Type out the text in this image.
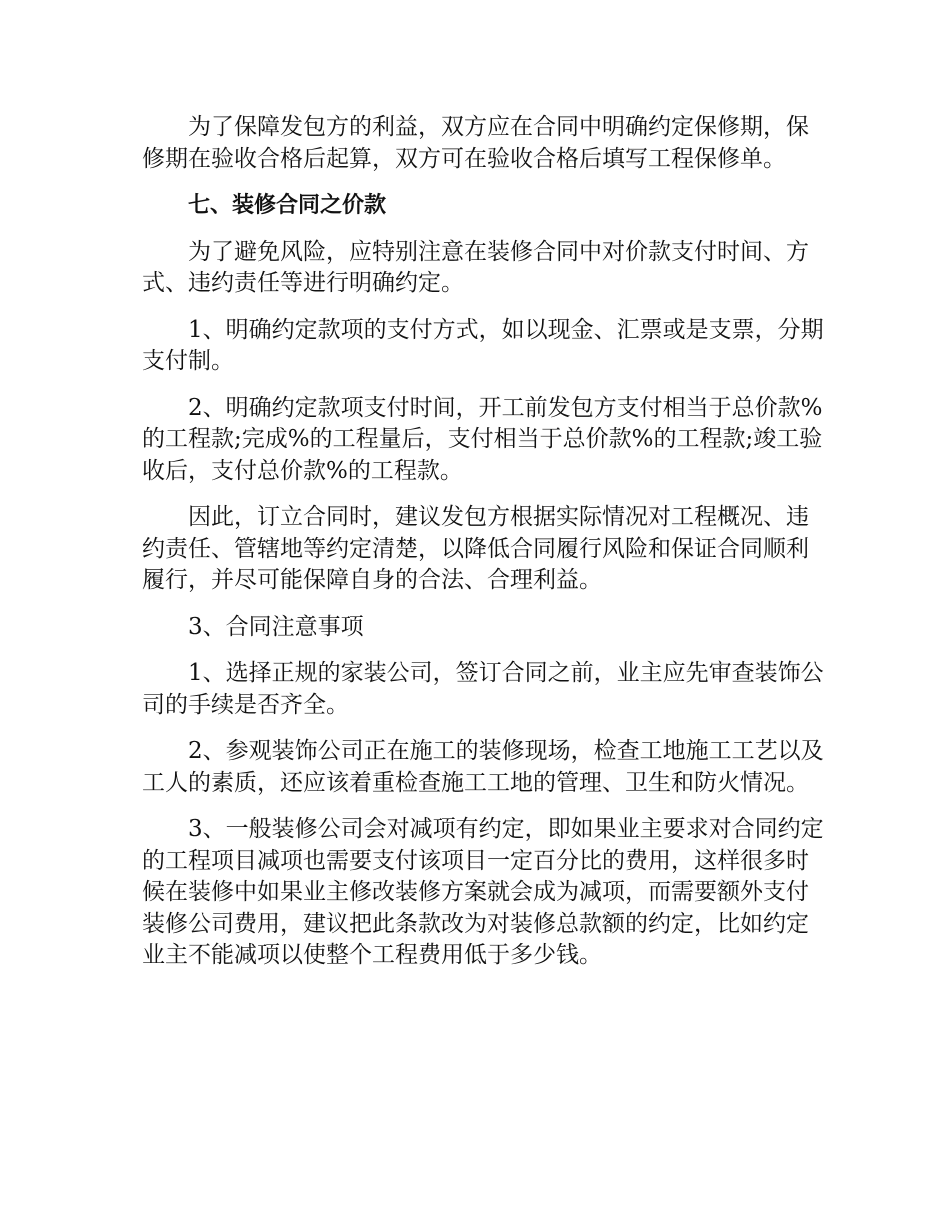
为了保障发包方的利益，双方应在合同中明确约定保修期，保修期在验收合格后起算，双方可在验收合格后填写工程保修单。

七、装修合同之价款

为了避免风险，应特别注意在装修合同中对价款支付时间、方式、违约责任等进行明确约定。

1、明确约定款项的支付方式，如以现金、汇票或是支票，分期支付制。

2、明确约定款项支付时间，开工前发包方支付相当于总价款%的工程款;完成%的工程量后，支付相当于总价款%的工程款;竣工验收后，支付总价款%的工程款。

因此，订立合同时，建议发包方根据实际情况对工程概况、违约责任、管辖地等约定清楚，以降低合同履行风险和保证合同顺利履行，并尽可能保障自身的合法、合理利益。

3、合同注意事项

1、选择正规的家装公司，签订合同之前，业主应先审查装饰公司的手续是否齐全。

2、参观装饰公司正在施工的装修现场，检查工地施工工艺以及工人的素质，还应该着重检查施工工地的管理、卫生和防火情况。

3、一般装修公司会对减项有约定，即如果业主要求对合同约定的工程项目减项也需要支付该项目一定百分比的费用，这样很多时候在装修中如果业主修改装修方案就会成为减项，而需要额外支付装修公司费用，建议把此条款改为对装修总款额的约定，比如约定业主不能减项以使整个工程费用低于多少钱。
